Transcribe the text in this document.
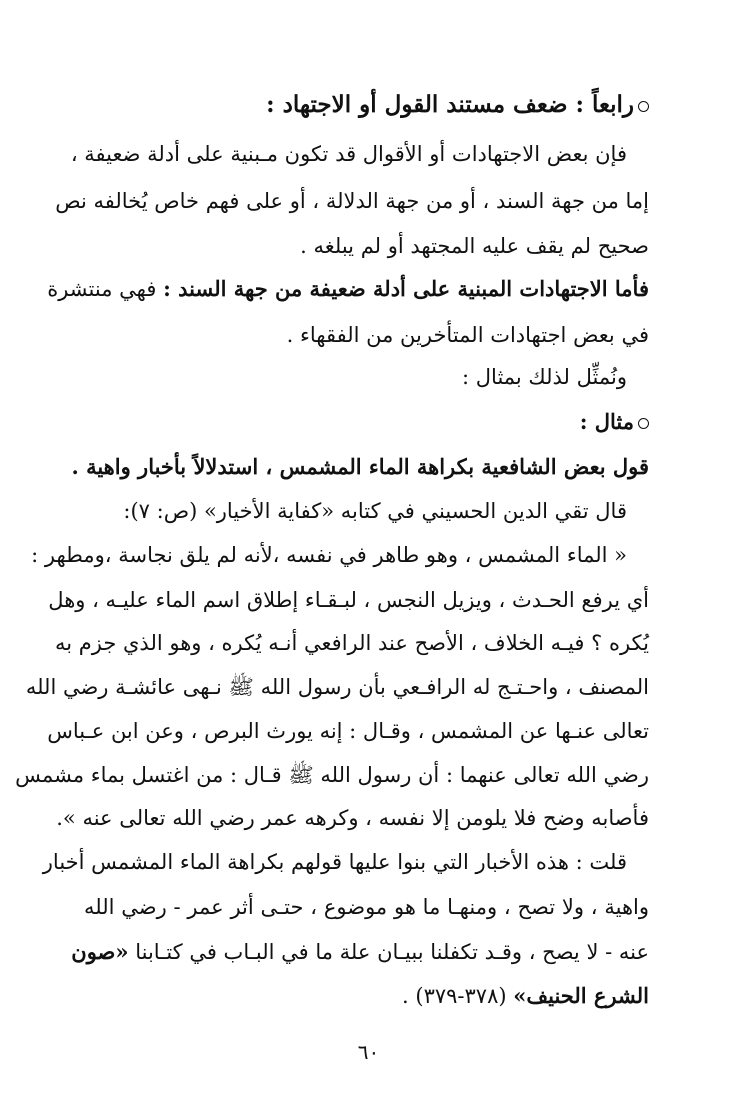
رابعاً : ضعف مستند القول أو الاجتهاد :
فإن بعض الاجتهادات أو الأقوال قد تكون مـبنية على أدلة ضعيفة ،
إما من جهة السند ، أو من جهة الدلالة ، أو على فهم خاص يُخالفه نص
صحيح لم يقف عليه المجتهد أو لم يبلغه .
فأما الاجتهادات المبنية على أدلة ضعيفة من جهة السند : فهي منتشرة
في بعض اجتهادات المتأخرين من الفقهاء .
ونُمثِّل لذلك بمثال :
مثال :
قول بعض الشافعية بكراهة الماء المشمس ، استدلالاً بأخبار واهية .
قال تقي الدين الحسيني في كتابه «كفاية الأخيار» (ص: ٧):
« الماء المشمس ، وهو طاهر في نفسه ،لأنه لم يلق نجاسة ،ومطهر :
أي يرفع الحـدث ، ويزيل النجس ، لبـقـاء إطلاق اسم الماء عليـه ، وهل
يُكره ؟ فيـه الخلاف ، الأصح عند الرافعي أنـه يُكره ، وهو الذي جزم به
المصنف ، واحـتـج له الرافـعي بأن رسول الله ﷺ نـهى عائشـة رضي الله
تعالى عنـها عن المشمس ، وقـال : إنه يورث البرص ، وعن ابن عـباس
رضي الله تعالى عنهما : أن رسول الله ﷺ قـال : من اغتسل بماء مشمس
فأصابه وضح فلا يلومن إلا نفسه ، وكرهه عمر رضي الله تعالى عنه ».
قلت : هذه الأخبار التي بنوا عليها قولهم بكراهة الماء المشمس أخبار
واهية ، ولا تصح ، ومنهـا ما هو موضوع ، حتـى أثر عمر - رضي الله
عنه - لا يصح ، وقـد تكفلنا ببيـان علة ما في البـاب في كتـابنا «صون
الشرع الحنيف» (٣٧٨-٣٧٩) .
٦٠
